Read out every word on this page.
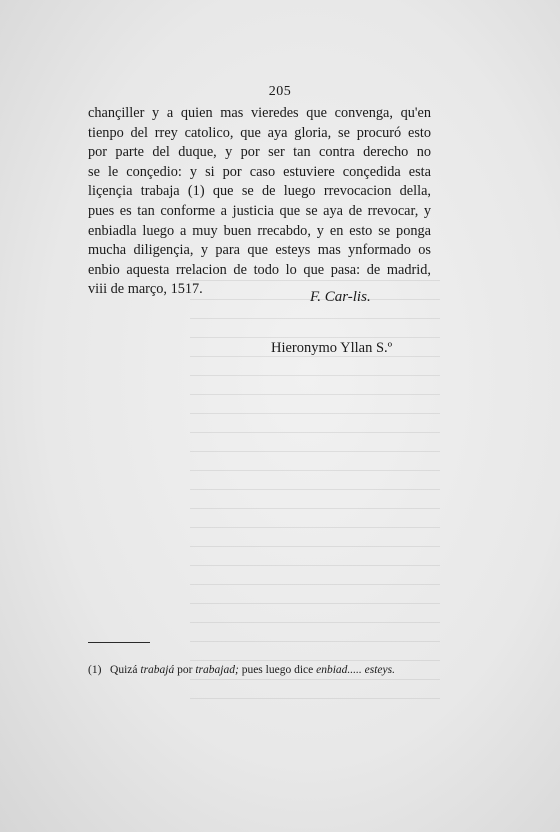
205
chançiller y a quien mas vieredes que convenga, qu'en
tienpo del rrey catolico, que aya gloria, se procuró esto
por parte del duque, y por ser tan contra derecho no
se le conçedio: y si por caso estuviere conçedida esta
liçençia trabaja (1) que se de luego rrevocacion della,
pues es tan conforme a justicia que se aya de rrevocar, y
enbiadla luego a muy buen rrecabdo, y en esto se ponga
mucha diligençia, y para que esteys mas ynformado os
enbio aquesta rrelacion de todo lo que pasa: de madrid,
viii de março, 1517.	F. Car-lis.
Hieronymo Yllan S.º
(1) Quizá trabajá por trabajad; pues luego dice enbiad..... esteys.
